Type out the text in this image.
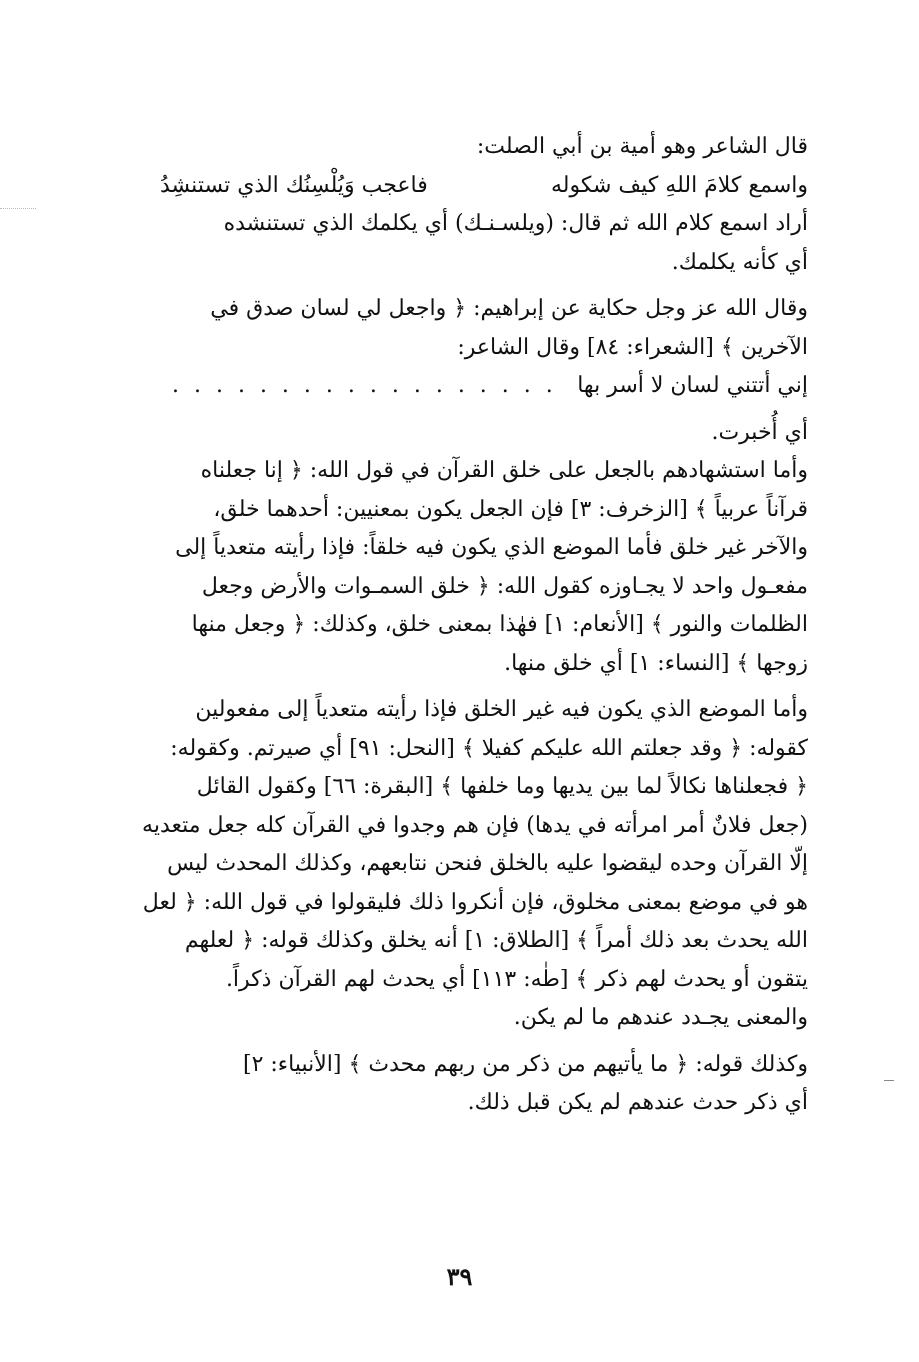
قال الشاعر وهو أمية بن أبي الصلت:
واسمع كلامَ اللهِ كيف شكوله
فاعجب وَيُلْسِنُك الذي تستنشِدُ
أراد اسمع كلام الله ثم قال: (ويلسـنـك) أي يكلمك الذي تستنشده
أي كأنه يكلمك.
وقال الله عز وجل حكاية عن إبراهيم: ﴿ واجعل لي لسان صدق في
الآخرين ﴾ [الشعراء: ٨٤] وقال الشاعر:
إني أتتني لسان لا أسر بها
. . . . . . . . . . . . . . . . . .
أي أُخبرت.
وأما استشهادهم بالجعل على خلق القرآن في قول الله: ﴿ إنا جعلناه
قرآناً عربياً ﴾ [الزخرف: ٣] فإن الجعل يكون بمعنيين: أحدهما خلق،
والآخر غير خلق فأما الموضع الذي يكون فيه خلقاً: فإذا رأيته متعدياً إلى
مفعـول واحد لا يجـاوزه كقول الله: ﴿ خلق السمـوات والأرض وجعل
الظلمات والنور ﴾ [الأنعام: ١] فهٰذا بمعنى خلق، وكذلك: ﴿ وجعل منها
زوجها ﴾ [النساء: ١] أي خلق منها.
وأما الموضع الذي يكون فيه غير الخلق فإذا رأيته متعدياً إلى مفعولين
كقوله: ﴿ وقد جعلتم الله عليكم كفيلا ﴾ [النحل: ٩١] أي صيرتم. وكقوله:
﴿ فجعلناها نكالاً لما بين يديها وما خلفها ﴾ [البقرة: ٦٦] وكقول القائل
(جعل فلانٌ أمر امرأته في يدها) فإن هم وجدوا في القرآن كله جعل متعديه
إلّا القرآن وحده ليقضوا عليه بالخلق فنحن نتابعهم، وكذلك المحدث ليس
هو في موضع بمعنى مخلوق، فإن أنكروا ذلك فليقولوا في قول الله: ﴿ لعل
الله يحدث بعد ذلك أمراً ﴾ [الطلاق: ١] أنه يخلق وكذلك قوله: ﴿ لعلهم
يتقون أو يحدث لهم ذكر ﴾ [طٰه: ١١٣] أي يحدث لهم القرآن ذكراً.
والمعنى يجـدد عندهم ما لم يكن.
وكذلك قوله: ﴿ ما يأتيهم من ذكر من ربهم محدث ﴾ [الأنبياء: ٢]
أي ذكر حدث عندهم لم يكن قبل ذلك.
٣٩
